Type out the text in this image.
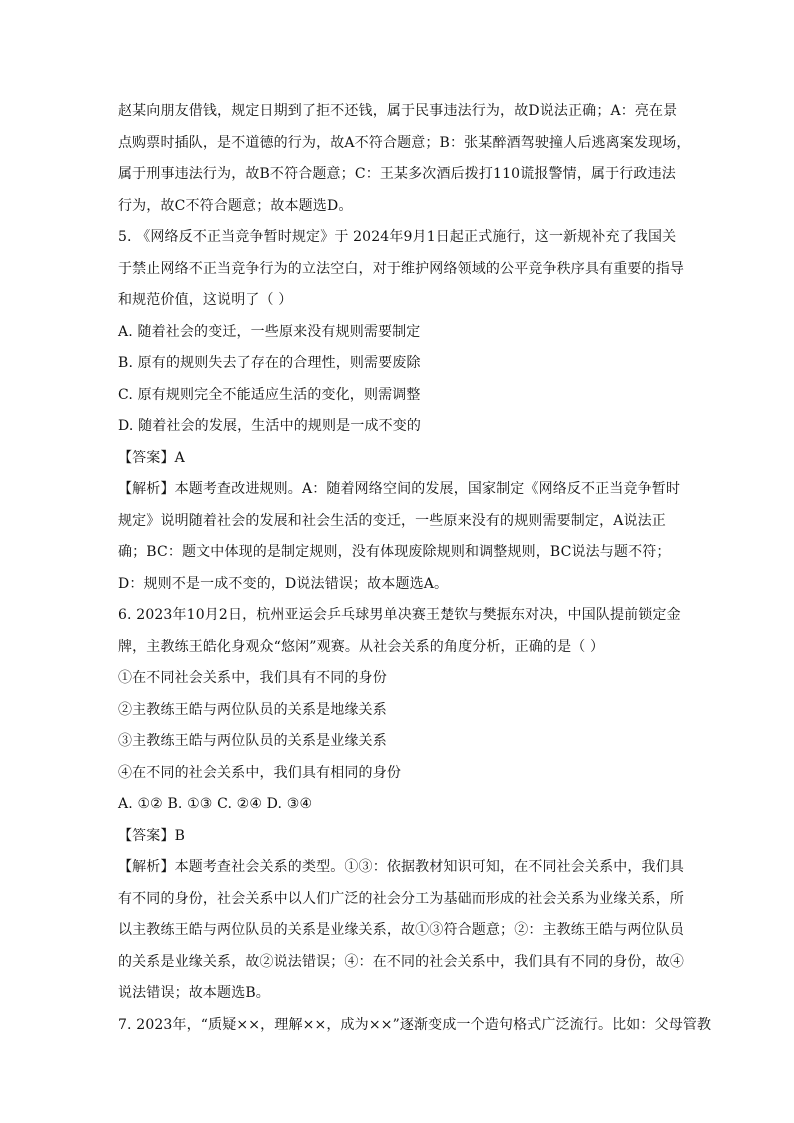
赵某向朋友借钱，规定日期到了拒不还钱，属于民事违法行为，故D说法正确；A：亮在景
点购票时插队，是不道德的行为，故A不符合题意；B：张某醉酒驾驶撞人后逃离案发现场，
属于刑事违法行为，故B不符合题意；C：王某多次酒后拨打110谎报警情，属于行政违法
行为，故C不符合题意；故本题选D。
5. 《网络反不正当竞争暂时规定》于 2024年9月1日起正式施行，这一新规补充了我国关
于禁止网络不正当竞争行为的立法空白，对于维护网络领域的公平竞争秩序具有重要的指导
和规范价值，这说明了（ ）
A. 随着社会的变迁，一些原来没有规则需要制定
B. 原有的规则失去了存在的合理性，则需要废除
C. 原有规则完全不能适应生活的变化，则需调整
D. 随着社会的发展，生活中的规则是一成不变的
【答案】A
【解析】本题考查改进规则。A：随着网络空间的发展，国家制定《网络反不正当竞争暂时
规定》说明随着社会的发展和社会生活的变迁，一些原来没有的规则需要制定，A说法正
确；BC：题文中体现的是制定规则，没有体现废除规则和调整规则，BC说法与题不符；
D：规则不是一成不变的，D说法错误；故本题选A。
6. 2023年10月2日，杭州亚运会乒乓球男单决赛王楚钦与樊振东对决，中国队提前锁定金
牌，主教练王皓化身观众“悠闲”观赛。从社会关系的角度分析，正确的是（ ）
①在不同社会关系中，我们具有不同的身份
②主教练王皓与两位队员的关系是地缘关系
③主教练王皓与两位队员的关系是业缘关系
④在不同的社会关系中，我们具有相同的身份
A. ①② B. ①③ C. ②④ D. ③④
【答案】B
【解析】本题考查社会关系的类型。①③：依据教材知识可知，在不同社会关系中，我们具
有不同的身份，社会关系中以人们广泛的社会分工为基础而形成的社会关系为业缘关系，所
以主教练王皓与两位队员的关系是业缘关系，故①③符合题意；②：主教练王皓与两位队员
的关系是业缘关系，故②说法错误；④：在不同的社会关系中，我们具有不同的身份，故④
说法错误；故本题选B。
7. 2023年，“质疑××，理解××，成为××”逐渐变成一个造句格式广泛流行。比如：父母管教
